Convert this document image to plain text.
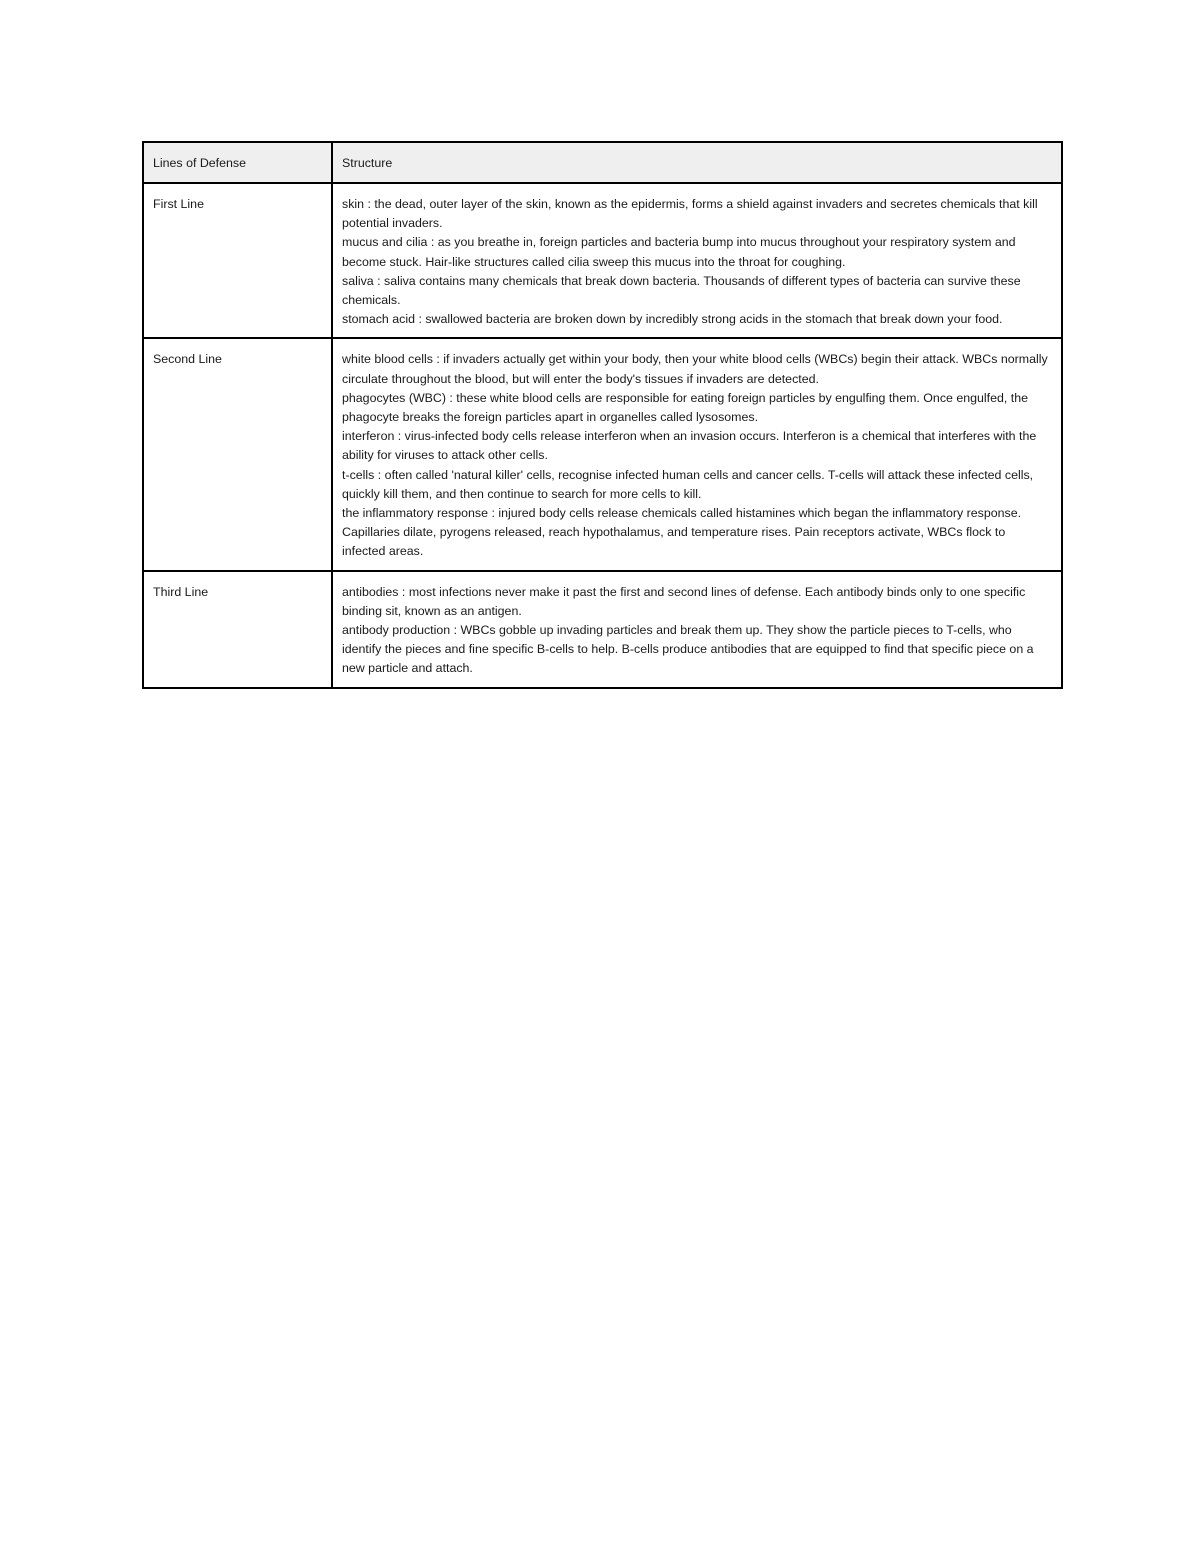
Lines of Defense	Structure
First Line	skin : the dead, outer layer of the skin, known as the epidermis, forms a shield against invaders and secretes chemicals that kill potential invaders.
mucus and cilia : as you breathe in, foreign particles and bacteria bump into mucus throughout your respiratory system and become stuck. Hair-like structures called cilia sweep this mucus into the throat for coughing.
saliva : saliva contains many chemicals that break down bacteria. Thousands of different types of bacteria can survive these chemicals.
stomach acid : swallowed bacteria are broken down by incredibly strong acids in the stomach that break down your food.

Second Line	white blood cells : if invaders actually get within your body, then your white blood cells (WBCs) begin their attack. WBCs normally circulate throughout the blood, but will enter the body's tissues if invaders are detected.
phagocytes (WBC) : these white blood cells are responsible for eating foreign particles by engulfing them. Once engulfed, the phagocyte breaks the foreign particles apart in organelles called lysosomes.
interferon : virus-infected body cells release interferon when an invasion occurs. Interferon is a chemical that interferes with the ability for viruses to attack other cells.
t-cells : often called 'natural killer' cells, recognise infected human cells and cancer cells. T-cells will attack these infected cells, quickly kill them, and then continue to search for more cells to kill.
the inflammatory response : injured body cells release chemicals called histamines which began the inflammatory response. Capillaries dilate, pyrogens released, reach hypothalamus, and temperature rises. Pain receptors activate, WBCs flock to infected areas.

Third Line	antibodies : most infections never make it past the first and second lines of defense. Each antibody binds only to one specific binding sit, known as an antigen.
antibody production : WBCs gobble up invading particles and break them up. They show the particle pieces to T-cells, who identify the pieces and fine specific B-cells to help. B-cells produce antibodies that are equipped to find that specific piece on a new particle and attach.
